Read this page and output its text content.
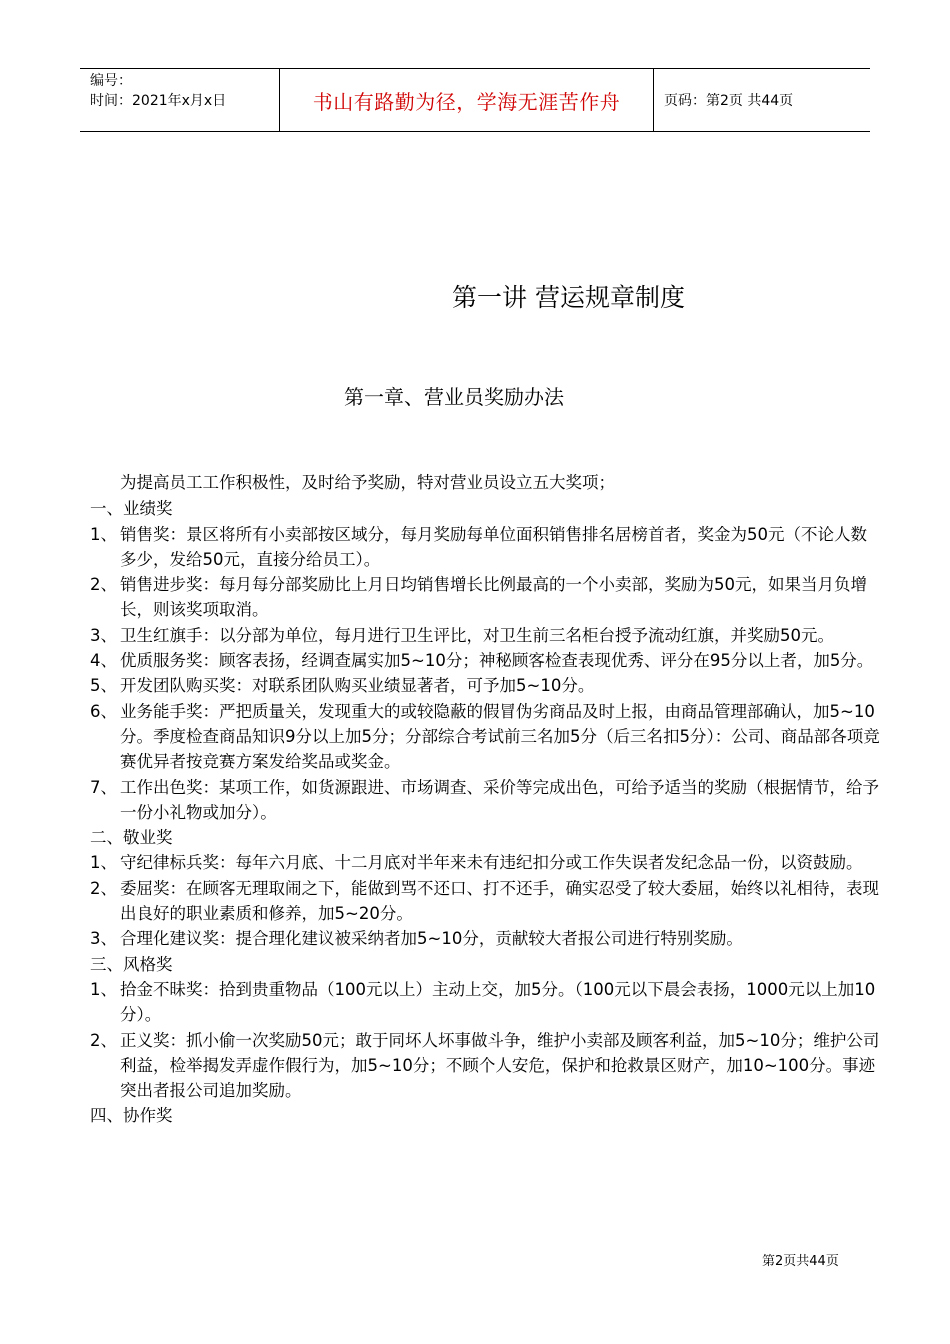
编号：
时间：2021年x月x日	书山有路勤为径，学海无涯苦作舟	页码：第2页 共44页
第一讲 营运规章制度
第一章、营业员奖励办法
为提高员工工作积极性，及时给予奖励，特对营业员设立五大奖项；
一、业绩奖
1、 销售奖：景区将所有小卖部按区域分，每月奖励每单位面积销售排名居榜首者，奖金为50元（不论人数多少，发给50元，直接分给员工）。
2、 销售进步奖：每月每分部奖励比上月日均销售增长比例最高的一个小卖部，奖励为50元，如果当月负增长，则该奖项取消。
3、 卫生红旗手：以分部为单位，每月进行卫生评比，对卫生前三名柜台授予流动红旗，并奖励50元。
4、 优质服务奖：顾客表扬，经调查属实加5~10分；神秘顾客检查表现优秀、评分在95分以上者，加5分。
5、 开发团队购买奖：对联系团队购买业绩显著者，可予加5~10分。
6、 业务能手奖：严把质量关，发现重大的或较隐蔽的假冒伪劣商品及时上报，由商品管理部确认，加5~10分。季度检查商品知识9分以上加5分；分部综合考试前三名加5分（后三名扣5分）：公司、商品部各项竞赛优异者按竞赛方案发给奖品或奖金。
7、 工作出色奖：某项工作，如货源跟进、市场调查、采价等完成出色，可给予适当的奖励（根据情节，给予一份小礼物或加分）。
二、敬业奖
1、 守纪律标兵奖：每年六月底、十二月底对半年来未有违纪扣分或工作失误者发纪念品一份，以资鼓励。
2、 委屈奖：在顾客无理取闹之下，能做到骂不还口、打不还手，确实忍受了较大委屈，始终以礼相待，表现出良好的职业素质和修养，加5~20分。
3、 合理化建议奖：提合理化建议被采纳者加5~10分，贡献较大者报公司进行特别奖励。
三、风格奖
1、 拾金不昧奖：拾到贵重物品（100元以上）主动上交，加5分。（100元以下晨会表扬，1000元以上加10分）。
2、 正义奖：抓小偷一次奖励50元；敢于同坏人坏事做斗争，维护小卖部及顾客利益，加5~10分；维护公司利益，检举揭发弄虚作假行为，加5~10分；不顾个人安危，保护和抢救景区财产，加10~100分。事迹突出者报公司追加奖励。
四、协作奖
第2页共44页
